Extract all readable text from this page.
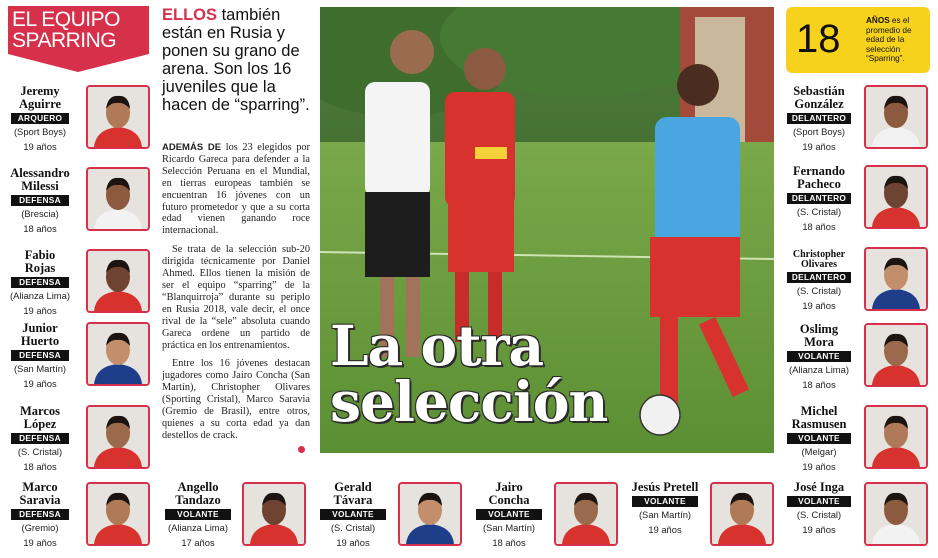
EL EQUIPO SPARRING
ELLOS también están en Rusia y ponen su grano de arena. Son los 16 juveniles que la hacen de “sparring”.

ADEMÁS DE los 23 elegidos por Ricardo Gareca para defender a la Selección Peruana en el Mundial, en tierras europeas también se encuentran 16 jóvenes con un futuro prometedor y que a su corta edad vienen ganando roce internacional.

Se trata de la selección sub-20 dirigida técnicamente por Daniel Ahmed. Ellos tienen la misión de ser el equipo “sparring” de la “Blanquirroja” durante su periplo en Rusia 2018, vale decir, el once rival de la “sele” absoluta cuando Gareca ordene un partido de práctica en los entrenamientos.

Entre los 16 jóvenes destacan jugadores como Jairo Concha (San Martín), Christopher Olivares (Sporting Cristal), Marco Saravia (Gremio de Brasil), entre otros, quienes a su corta edad ya dan destellos de crack.

La otra selección
18	AÑOS es el promedio de edad de la selección “Sparring”.
Jeremy Aguirre
ARQUERO
(Sport Boys)
19 años
Alessandro Milessi
DEFENSA
(Brescia)
18 años
Fabio Rojas
DEFENSA
(Alianza Lima)
19 años
Junior Huerto
DEFENSA
(San Martín)
19 años
Marcos López
DEFENSA
(S. Cristal)
18 años
Marco Saravia
DEFENSA
(Gremio)
19 años
Sebastián González
DELANTERO
(Sport Boys)
19 años
Fernando Pacheco
DELANTERO
(S. Cristal)
18 años
Christopher Olivares
DELANTERO
(S. Cristal)
19 años
Oslimg Mora
VOLANTE
(Alianza Lima)
18 años
Michel Rasmusen
VOLANTE
(Melgar)
19 años
José Inga
VOLANTE
(S. Cristal)
19 años
Angello Tandazo
VOLANTE
(Alianza Lima)
17 años
Gerald Távara
VOLANTE
(S. Cristal)
19 años
Jairo Concha
VOLANTE
(San Martín)
18 años
Jesús Pretell
VOLANTE
(San Martín)
19 años
